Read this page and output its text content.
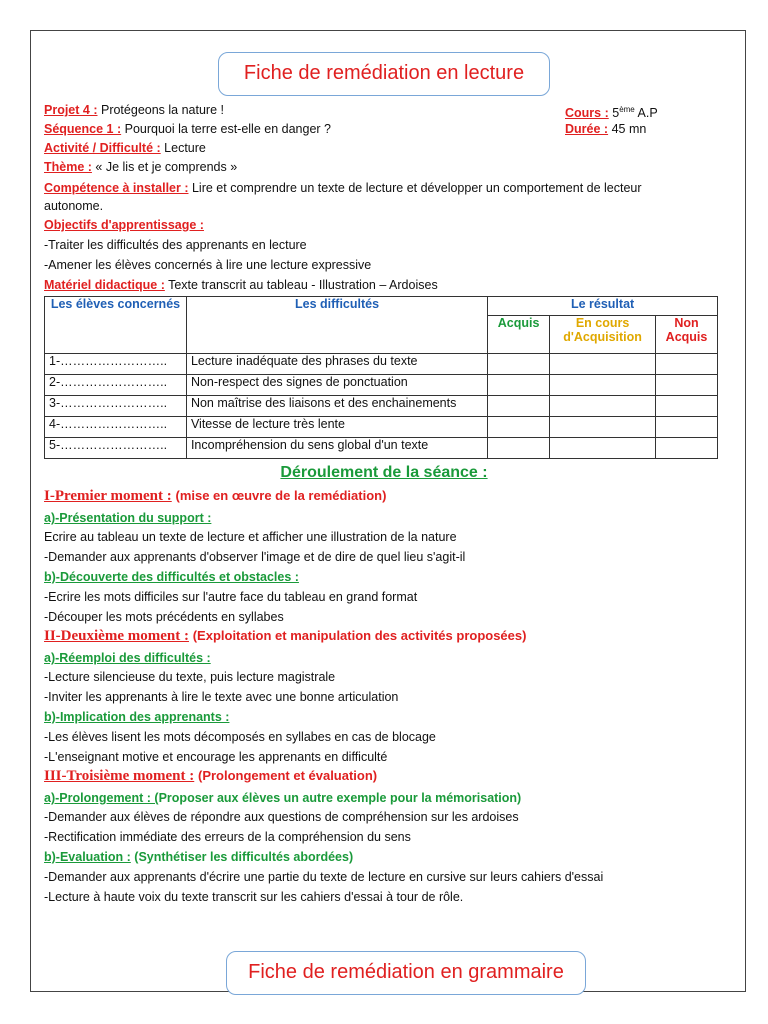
Fiche de remédiation en lecture
Projet 4 : Protégeons la nature !	Cours : 5ème A.P
Séquence 1 : Pourquoi la terre est-elle en danger ?	Durée : 45 mn
Activité / Difficulté : Lecture
Thème : « Je lis et je comprends »
Compétence à installer : Lire et comprendre un texte de lecture et développer un comportement de lecteur
autonome.
Objectifs d'apprentissage :
-Traiter les difficultés des apprenants en lecture
-Amener les élèves concernés à lire une lecture expressive
Matériel didactique : Texte transcrit au tableau - Illustration – Ardoises
Les élèves concernés	Les difficultés	Le résultat		
		Acquis	En cours d'Acquisition	Non Acquis
1-……………………..	Lecture inadéquate des phrases du texte			
2-……………………..	Non-respect des signes de ponctuation			
3-……………………..	Non maîtrise des liaisons et des enchainements			
4-……………………..	Vitesse de lecture très lente			
5-……………………..	Incompréhension du sens global d'un texte			
Déroulement de la séance :
I-Premier moment : (mise en œuvre de la remédiation)
a)-Présentation du support :
Ecrire au tableau un texte de lecture et afficher une illustration de la nature
-Demander aux apprenants d'observer l'image et de dire de quel lieu s'agit-il
b)-Découverte des difficultés et obstacles :
-Ecrire les mots difficiles sur l'autre face du tableau en grand format
-Découper les mots précédents en syllabes
II-Deuxième moment : (Exploitation et manipulation des activités proposées)
a)-Réemploi des difficultés :
-Lecture silencieuse du texte, puis lecture magistrale
-Inviter les apprenants à lire le texte avec une bonne articulation
b)-Implication des apprenants :
-Les élèves lisent les mots décomposés en syllabes en cas de blocage
-L'enseignant motive et encourage les apprenants en difficulté
III-Troisième moment : (Prolongement et évaluation)
a)-Prolongement : (Proposer aux élèves un autre exemple pour la mémorisation)
-Demander aux élèves de répondre aux questions de compréhension sur les ardoises
-Rectification immédiate des erreurs de la compréhension du sens
b)-Evaluation : (Synthétiser les difficultés abordées)
-Demander aux apprenants d'écrire une partie du texte de lecture en cursive sur leurs cahiers d'essai
-Lecture à haute voix du texte transcrit sur les cahiers d'essai à tour de rôle.
Fiche de remédiation en grammaire
